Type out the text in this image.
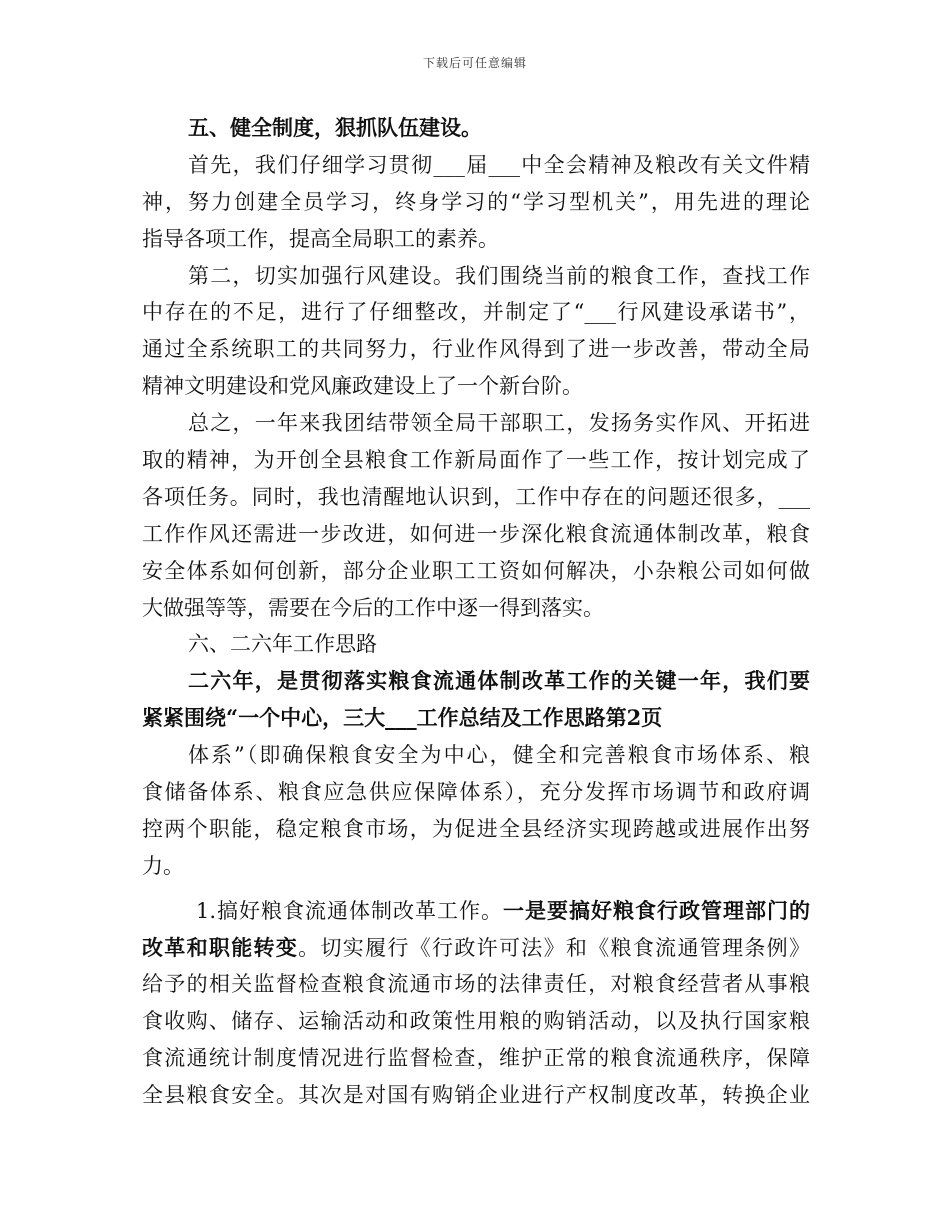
下载后可任意编辑
五、健全制度，狠抓队伍建设。
首先，我们仔细学习贯彻___届___中全会精神及粮改有关文件精
神，努力创建全员学习，终身学习的“学习型机关”，用先进的理论
指导各项工作，提高全局职工的素养。
第二，切实加强行风建设。我们围绕当前的粮食工作，查找工作
中存在的不足，进行了仔细整改，并制定了“___行风建设承诺书”，
通过全系统职工的共同努力，行业作风得到了进一步改善，带动全局
精神文明建设和党风廉政建设上了一个新台阶。
总之，一年来我团结带领全局干部职工，发扬务实作风、开拓进
取的精神，为开创全县粮食工作新局面作了一些工作，按计划完成了
各项任务。同时，我也清醒地认识到，工作中存在的问题还很多，___
工作作风还需进一步改进，如何进一步深化粮食流通体制改革，粮食
安全体系如何创新，部分企业职工工资如何解决，小杂粮公司如何做
大做强等等，需要在今后的工作中逐一得到落实。
六、二六年工作思路
二六年，是贯彻落实粮食流通体制改革工作的关键一年，我们要
紧紧围绕“一个中心，三大___工作总结及工作思路第2页
体系”（即确保粮食安全为中心，健全和完善粮食市场体系、粮
食储备体系、粮食应急供应保障体系），充分发挥市场调节和政府调
控两个职能，稳定粮食市场，为促进全县经济实现跨越或进展作出努
力。
1.搞好粮食流通体制改革工作。一是要搞好粮食行政管理部门的
改革和职能转变。切实履行《行政许可法》和《粮食流通管理条例》
给予的相关监督检查粮食流通市场的法律责任，对粮食经营者从事粮
食收购、储存、运输活动和政策性用粮的购销活动，以及执行国家粮
食流通统计制度情况进行监督检查，维护正常的粮食流通秩序，保障
全县粮食安全。其次是对国有购销企业进行产权制度改革，转换企业
